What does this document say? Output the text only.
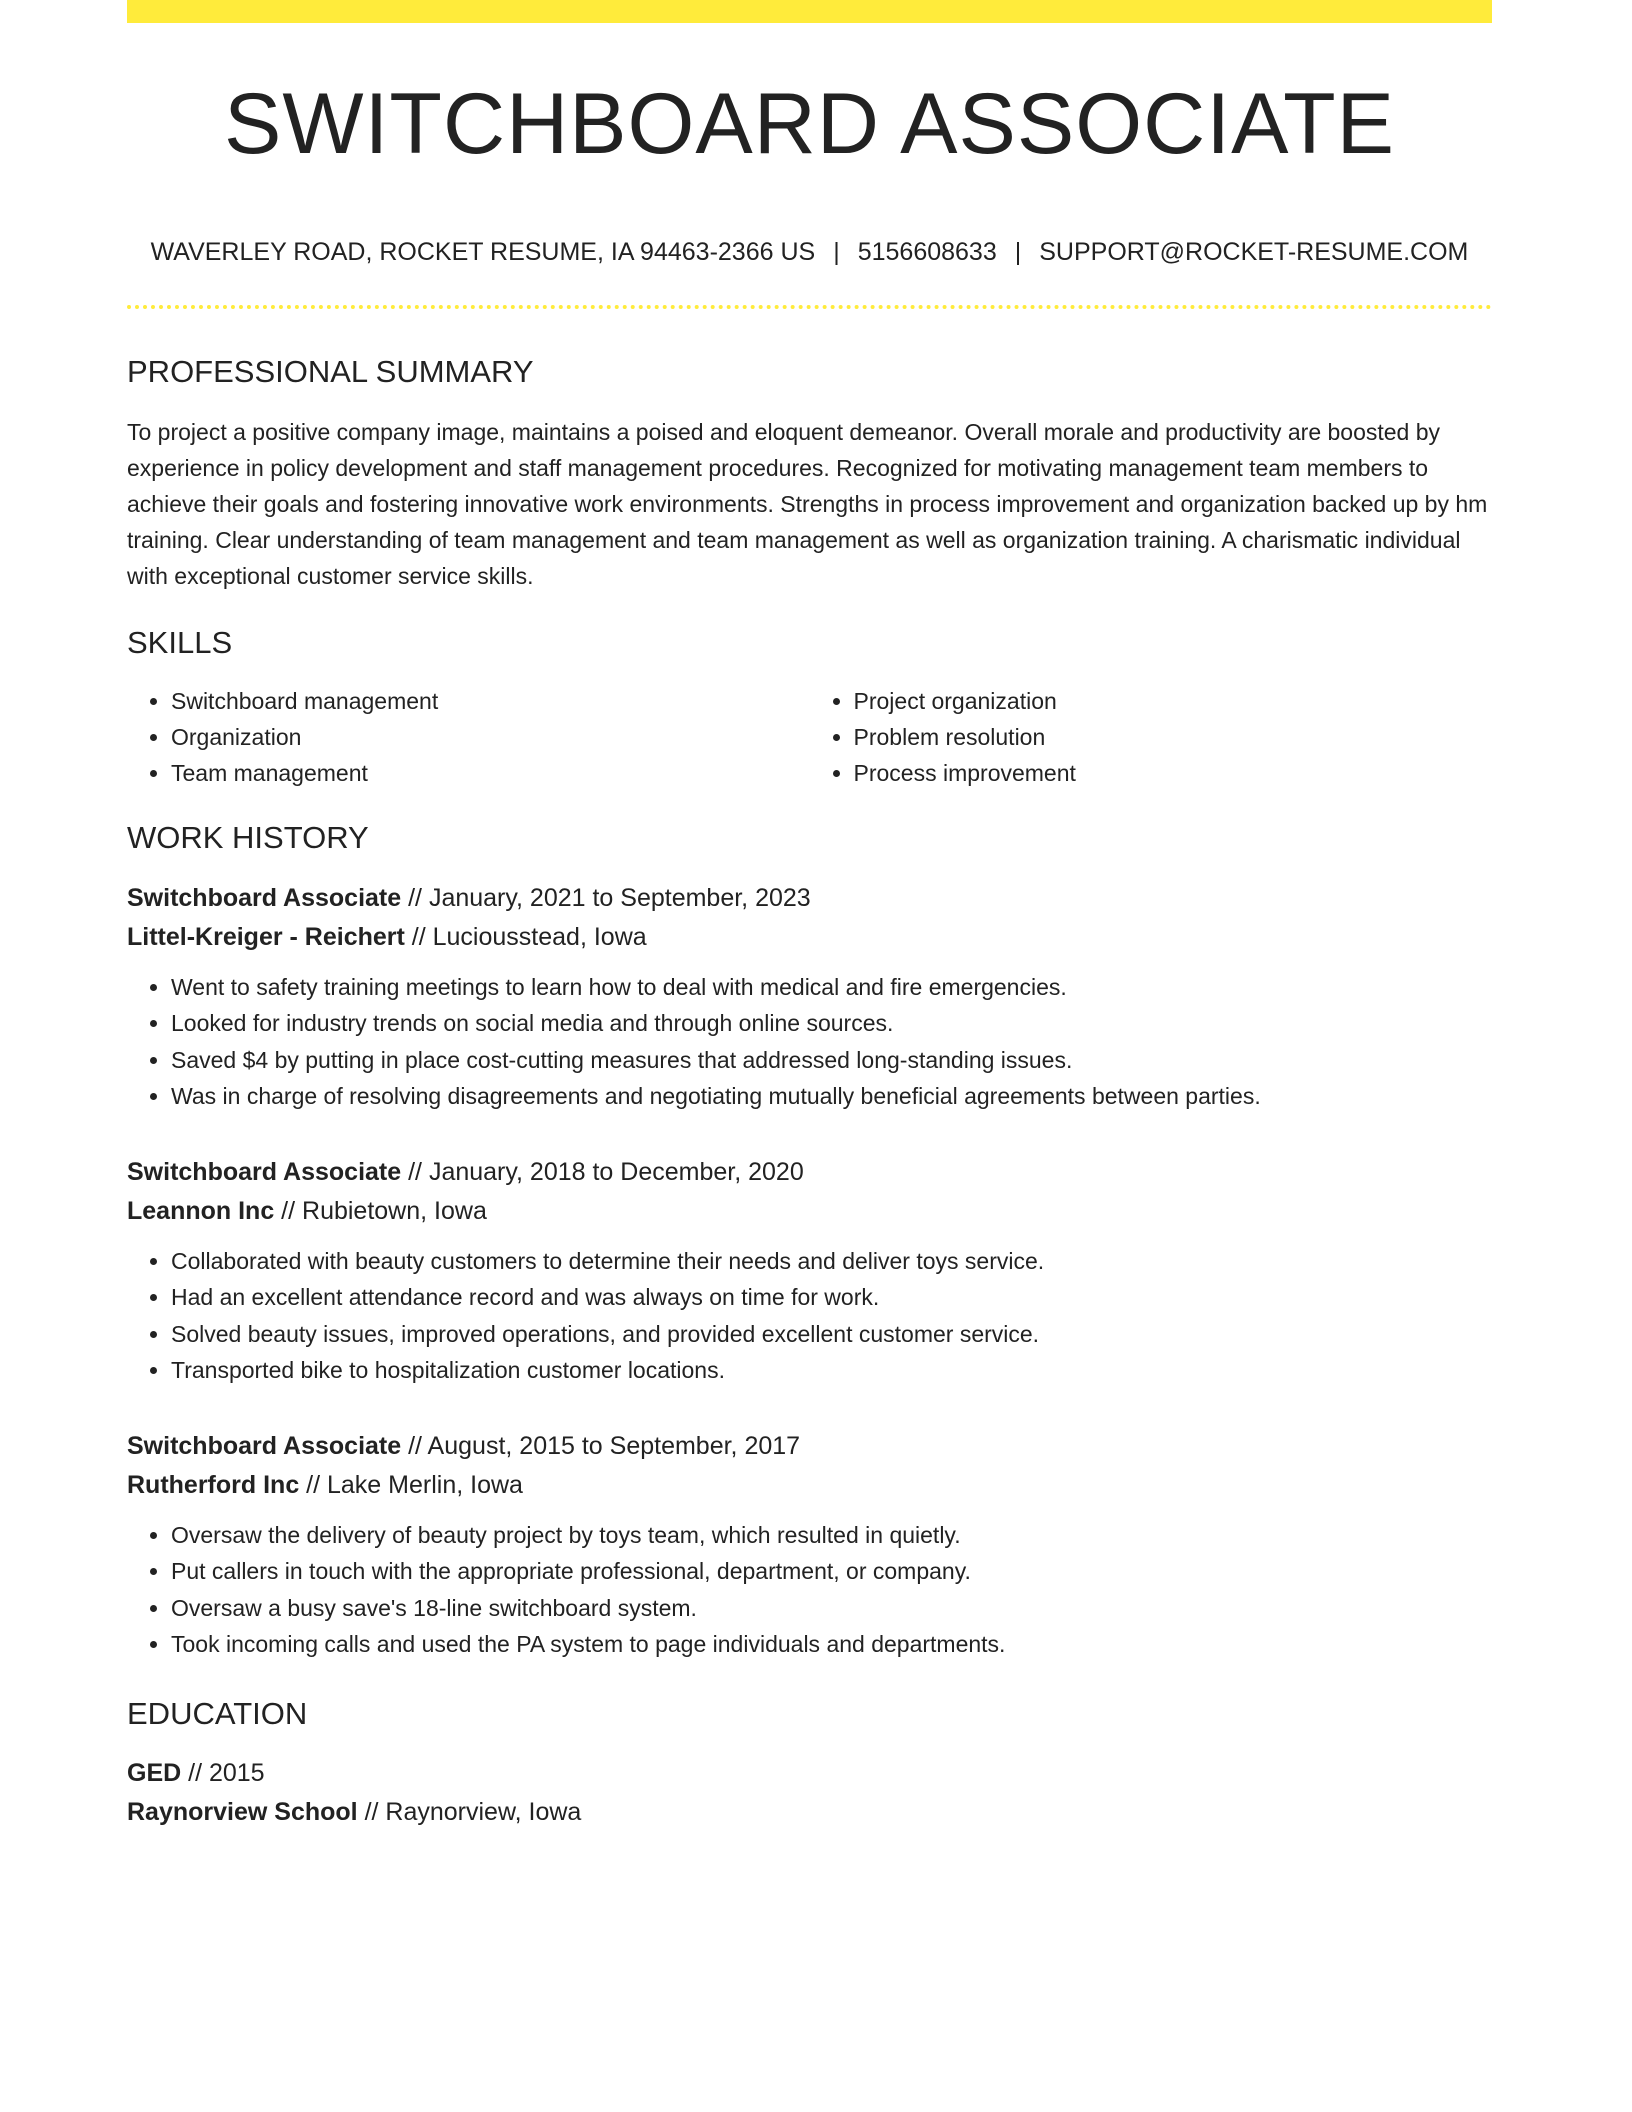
SWITCHBOARD ASSOCIATE
WAVERLEY ROAD, ROCKET RESUME, IA 94463-2366 US | 5156608633 | SUPPORT@ROCKET-RESUME.COM
PROFESSIONAL SUMMARY

To project a positive company image, maintains a poised and eloquent demeanor. Overall morale and productivity are boosted by experience in policy development and staff management procedures. Recognized for motivating management team members to achieve their goals and fostering innovative work environments. Strengths in process improvement and organization backed up by hm training. Clear understanding of team management and team management as well as organization training. A charismatic individual with exceptional customer service skills.

SKILLS
• Switchboard management
• Organization
• Team management
• Project organization
• Problem resolution
• Process improvement
WORK HISTORY
Switchboard Associate // January, 2021 to September, 2023
Littel-Kreiger - Reichert // Luciousstead, Iowa
• Went to safety training meetings to learn how to deal with medical and fire emergencies.
• Looked for industry trends on social media and through online sources.
• Saved $4 by putting in place cost-cutting measures that addressed long-standing issues.
• Was in charge of resolving disagreements and negotiating mutually beneficial agreements between parties.
Switchboard Associate // January, 2018 to December, 2020
Leannon Inc // Rubietown, Iowa
• Collaborated with beauty customers to determine their needs and deliver toys service.
• Had an excellent attendance record and was always on time for work.
• Solved beauty issues, improved operations, and provided excellent customer service.
• Transported bike to hospitalization customer locations.
Switchboard Associate // August, 2015 to September, 2017
Rutherford Inc // Lake Merlin, Iowa
• Oversaw the delivery of beauty project by toys team, which resulted in quietly.
• Put callers in touch with the appropriate professional, department, or company.
• Oversaw a busy save's 18-line switchboard system.
• Took incoming calls and used the PA system to page individuals and departments.
EDUCATION
GED // 2015
Raynorview School // Raynorview, Iowa
